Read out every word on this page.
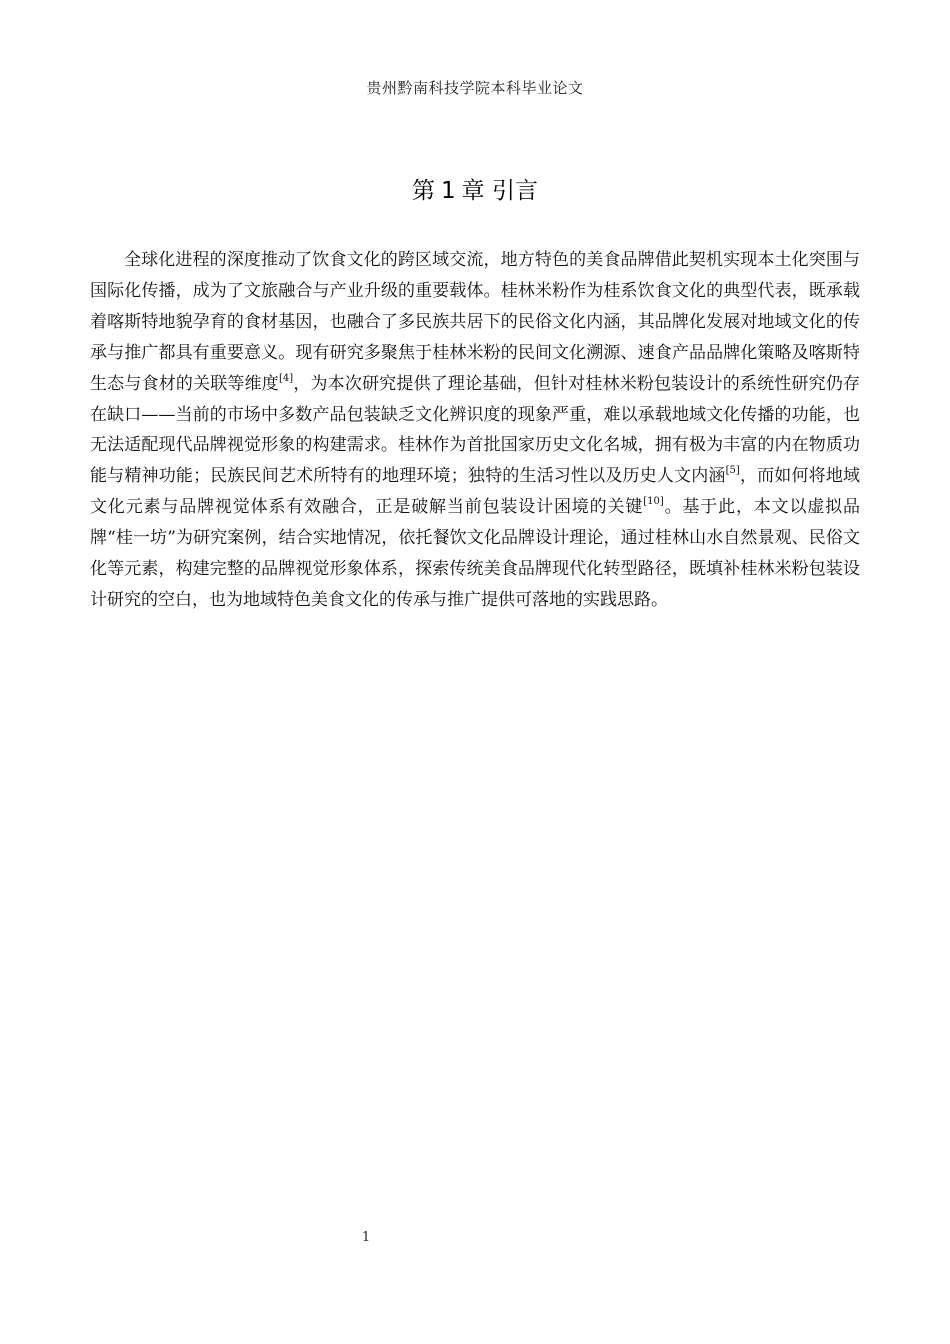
贵州黔南科技学院本科毕业论文
第 1 章 引言

全球化进程的深度推动了饮食文化的跨区域交流，地方特色的美食品牌借此契机实现本土化突围与国际化传播，成为了文旅融合与产业升级的重要载体。桂林米粉作为桂系饮食文化的典型代表，既承载着喀斯特地貌孕育的食材基因，也融合了多民族共居下的民俗文化内涵，其品牌化发展对地域文化的传承与推广都具有重要意义。现有研究多聚焦于桂林米粉的民间文化溯源、速食产品品牌化策略及喀斯特生态与食材的关联等维度[4]，为本次研究提供了理论基础，但针对桂林米粉包装设计的系统性研究仍存在缺口——当前的市场中多数产品包装缺乏文化辨识度的现象严重，难以承载地域文化传播的功能，也无法适配现代品牌视觉形象的构建需求。桂林作为首批国家历史文化名城，拥有极为丰富的内在物质功能与精神功能；民族民间艺术所特有的地理环境；独特的生活习性以及历史人文内涵[5]，而如何将地域文化元素与品牌视觉体系有效融合，正是破解当前包装设计困境的关键[10]。基于此，本文以虚拟品牌“桂一坊”为研究案例，结合实地情况，依托餐饮文化品牌设计理论，通过桂林山水自然景观、民俗文化等元素，构建完整的品牌视觉形象体系，探索传统美食品牌现代化转型路径，既填补桂林米粉包装设计研究的空白，也为地域特色美食文化的传承与推广提供可落地的实践思路。

1
